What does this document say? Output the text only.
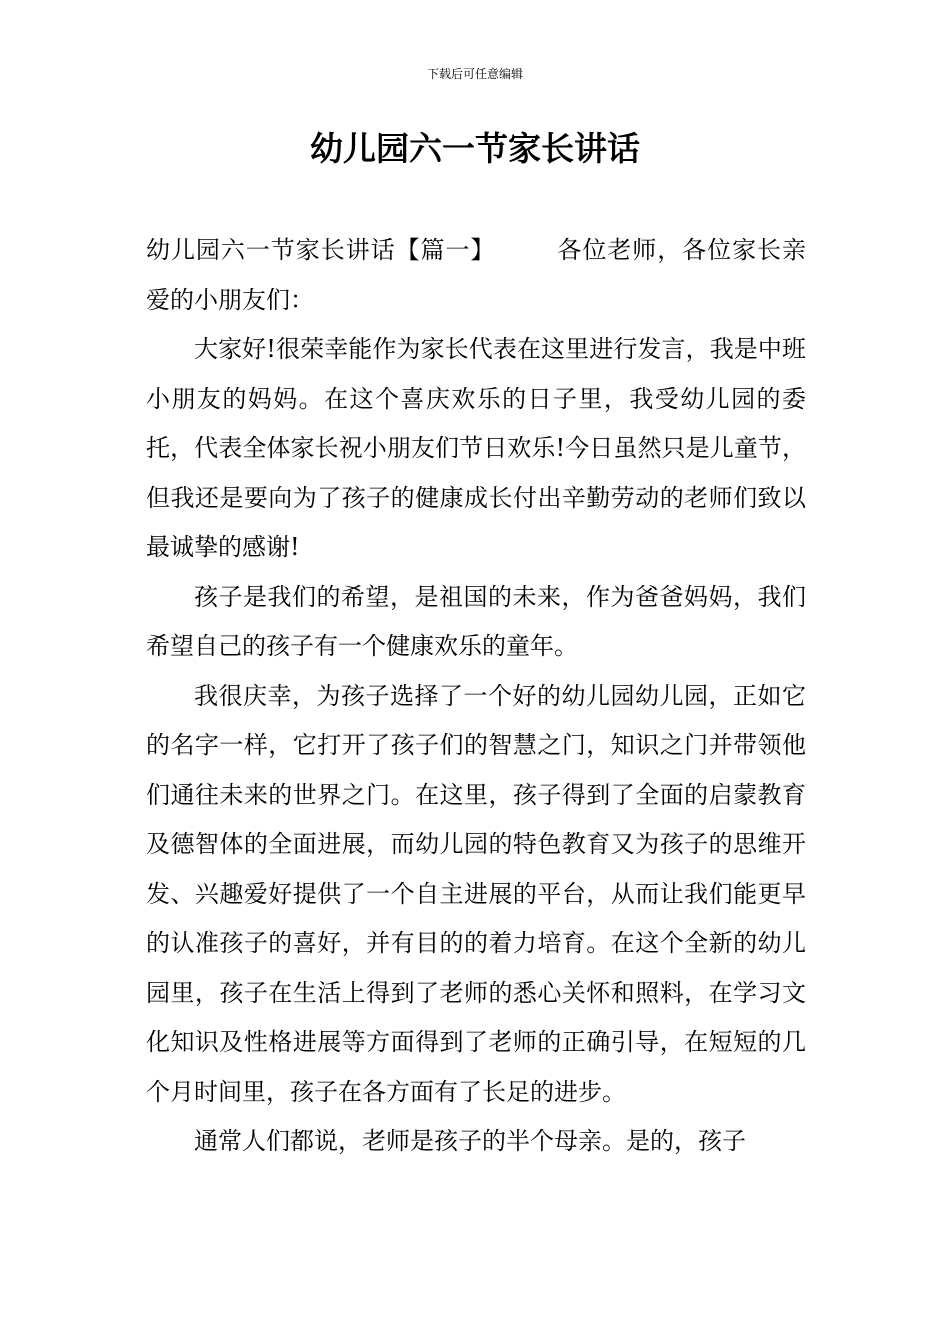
下载后可任意编辑
幼儿园六一节家长讲话

幼儿园六一节家长讲话【篇一】	各位老师，各位家长亲爱的小朋友们：

大家好!很荣幸能作为家长代表在这里进行发言，我是中班小朋友的妈妈。在这个喜庆欢乐的日子里，我受幼儿园的委托，代表全体家长祝小朋友们节日欢乐!今日虽然只是儿童节，但我还是要向为了孩子的健康成长付出辛勤劳动的老师们致以最诚挚的感谢!

孩子是我们的希望，是祖国的未来，作为爸爸妈妈，我们希望自己的孩子有一个健康欢乐的童年。

我很庆幸，为孩子选择了一个好的幼儿园幼儿园，正如它的名字一样，它打开了孩子们的智慧之门，知识之门并带领他们通往未来的世界之门。在这里，孩子得到了全面的启蒙教育及德智体的全面进展，而幼儿园的特色教育又为孩子的思维开发、兴趣爱好提供了一个自主进展的平台，从而让我们能更早的认准孩子的喜好，并有目的的着力培育。在这个全新的幼儿园里，孩子在生活上得到了老师的悉心关怀和照料，在学习文化知识及性格进展等方面得到了老师的正确引导，在短短的几个月时间里，孩子在各方面有了长足的进步。

通常人们都说，老师是孩子的半个母亲。是的，孩子
